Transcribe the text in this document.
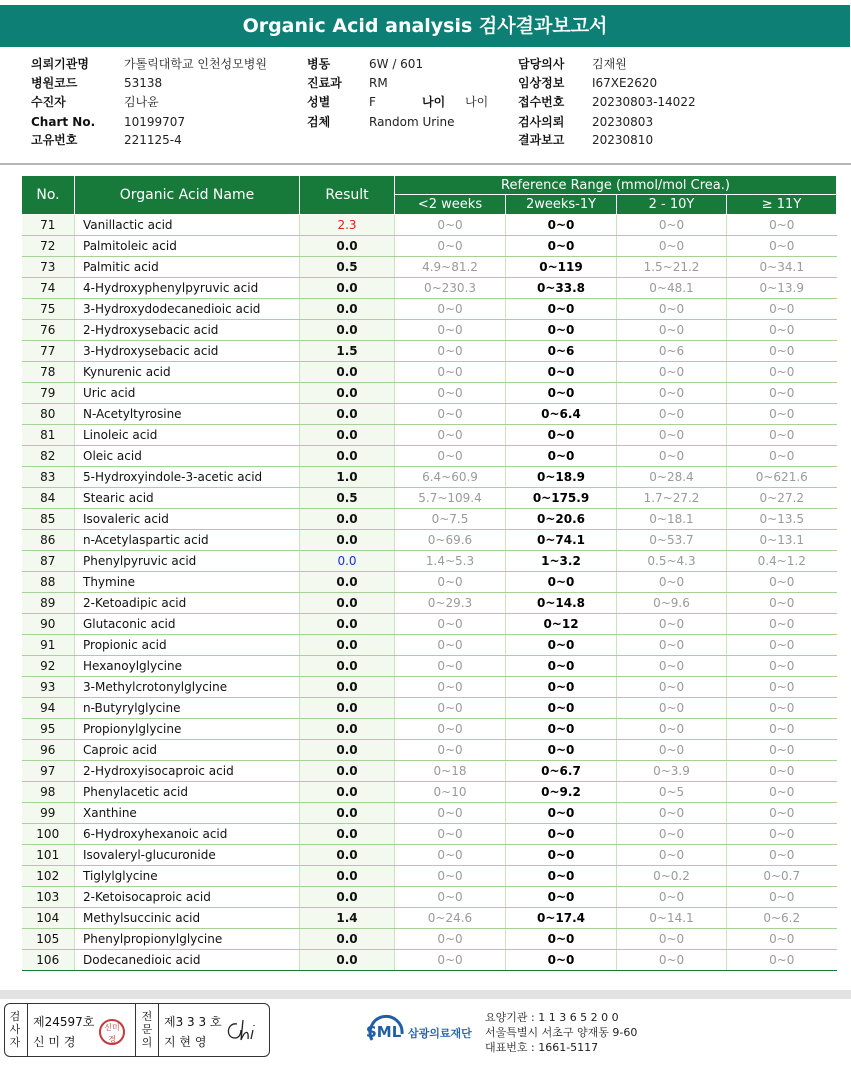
Organic Acid analysis 검사결과보고서
의뢰기관명	가톨릭대학교 인천성모병원	병동	6W / 601	담당의사 김재원
병원코드	53138	진료과 RM	임상정보 I67XE2620
수진자	김나윤	성별	F	나이 나이 접수번호 20230803-14022
Chart No. 10199707	검체	Random Urine	검사의뢰 20230803
고유번호	221125-4	결과보고 20230810
No.	Organic Acid Name	Result	Reference Range (mmol/mol Crea.)			
			<2 weeks	2weeks-1Y	2 - 10Y	≥ 11Y
71	Vanillactic acid	2.3	0~0	0~0	0~0	0~0
72	Palmitoleic acid	0.0	0~0	0~0	0~0	0~0
73	Palmitic acid	0.5	4.9~81.2	0~119	1.5~21.2	0~34.1
74	4-Hydroxyphenylpyruvic acid	0.0	0~230.3	0~33.8	0~48.1	0~13.9
75	3-Hydroxydodecanedioic acid	0.0	0~0	0~0	0~0	0~0
76	2-Hydroxysebacic acid	0.0	0~0	0~0	0~0	0~0
77	3-Hydroxysebacic acid	1.5	0~0	0~6	0~6	0~0
78	Kynurenic acid	0.0	0~0	0~0	0~0	0~0
79	Uric acid	0.0	0~0	0~0	0~0	0~0
80	N-Acetyltyrosine	0.0	0~0	0~6.4	0~0	0~0
81	Linoleic acid	0.0	0~0	0~0	0~0	0~0
82	Oleic acid	0.0	0~0	0~0	0~0	0~0
83	5-Hydroxyindole-3-acetic acid	1.0	6.4~60.9	0~18.9	0~28.4	0~621.6
84	Stearic acid	0.5	5.7~109.4	0~175.9	1.7~27.2	0~27.2
85	Isovaleric acid	0.0	0~7.5	0~20.6	0~18.1	0~13.5
86	n-Acetylaspartic acid	0.0	0~69.6	0~74.1	0~53.7	0~13.1
87	Phenylpyruvic acid	0.0	1.4~5.3	1~3.2	0.5~4.3	0.4~1.2
88	Thymine	0.0	0~0	0~0	0~0	0~0
89	2-Ketoadipic acid	0.0	0~29.3	0~14.8	0~9.6	0~0
90	Glutaconic acid	0.0	0~0	0~12	0~0	0~0
91	Propionic acid	0.0	0~0	0~0	0~0	0~0
92	Hexanoylglycine	0.0	0~0	0~0	0~0	0~0
93	3-Methylcrotonylglycine	0.0	0~0	0~0	0~0	0~0
94	n-Butyrylglycine	0.0	0~0	0~0	0~0	0~0
95	Propionylglycine	0.0	0~0	0~0	0~0	0~0
96	Caproic acid	0.0	0~0	0~0	0~0	0~0
97	2-Hydroxyisocaproic acid	0.0	0~18	0~6.7	0~3.9	0~0
98	Phenylacetic acid	0.0	0~10	0~9.2	0~5	0~0
99	Xanthine	0.0	0~0	0~0	0~0	0~0
100	6-Hydroxyhexanoic acid	0.0	0~0	0~0	0~0	0~0
101	Isovaleryl-glucuronide	0.0	0~0	0~0	0~0	0~0
102	Tiglylglycine	0.0	0~0	0~0	0~0.2	0~0.7
103	2-Ketoisocaproic acid	0.0	0~0	0~0	0~0	0~0
104	Methylsuccinic acid	1.4	0~24.6	0~17.4	0~14.1	0~6.2
105	Phenylpropionylglycine	0.0	0~0	0~0	0~0	0~0
106	Dodecanedioic acid	0.0	0~0	0~0	0~0	0~0
검사자
제24597호
신 미 경
신미경
전문의
제3 3 3 호
지 현 영
SML 삼광의료재단
요양기관 : 1 1 3 6 5 2 0 0
서울특별시 서초구 양재동 9-60
대표번호 : 1661-5117
